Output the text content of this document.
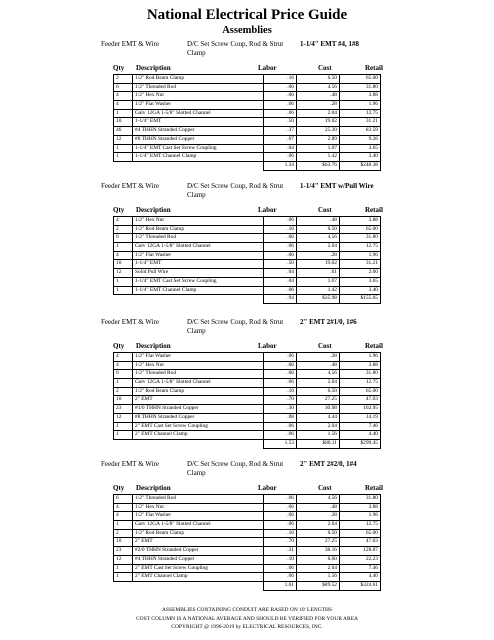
National Electrical Price Guide
Assemblies
Feeder EMT & Wire	D/C Set Screw Coup, Rod & Strut Clamp
1-1/4" EMT #4, 1#8
Qty Description	Labor	Cost	Retail
2	1/2" Rod Beam Clamp	.16	6.50	65.00
6	1/2" Threaded Rod	.06	4.56	31.80
4	1/2" Hex Nut	.06	.48	3.88
4	1/2" Flat Washer	.06	.28	1.96
1	Galv 12GA 1-5/8" Slotted Channel	.06	2.04	12.75
10	1-1/4" EMT	.50	19.02	31.21
46	#4 THHN Stranded Copper	.37	25.30	83.59
12	#8 THHN Stranded Copper	.07	2.89	9.26
1	1-1/4" EMT Cast Set Screw Coupling	.04	1.07	3.65
1	1-1/4" EMT Channel Clamp	.06	1.42	3.40
		1.34	$63.76	$248.38
Feeder EMT & Wire	D/C Set Screw Coup, Rod & Strut Clamp
1-1/4" EMT w/Pull Wire
Qty Description	Labor	Cost	Retail
4	1/2" Hex Nut	.06	.48	3.88
2	1/2" Rod Beam Clamp	.16	6.50	65.00
6	1/2" Threaded Rod	.06	4.56	31.80
1	Galv 12GA 1-5/8" Slotted Channel	.06	2.04	12.75
4	1/2" Flat Washer	.06	.28	1.96
10	1-1/4" EMT	.50	19.02	31.21
12	Solid Pull Wire	.04	.61	2.00
1	1-1/4" EMT Cast Set Screw Coupling	.04	1.07	3.65
1	1-1/4" EMT Channel Clamp	.06	1.42	3.40
		.94	$35.98	$155.65
Feeder EMT & Wire	D/C Set Screw Coup, Rod & Strut Clamp
2" EMT 2#1/0, 1#6
Qty Description	Labor	Cost	Retail
4	1/2" Flat Washer	.06	.28	1.96
4	1/2" Hex Nut	.06	.48	3.88
6	1/2" Threaded Rod	.06	4.56	31.80
1	Galv 12GA 1-5/8" Slotted Channel	.06	2.04	12.75
2	1/2" Rod Beam Clamp	.16	6.50	65.00
10	2" EMT	.70	27.25	47.03
23	#1/0 THHN Stranded Copper	.30	30.98	102.95
12	#8 THHN Stranded Copper	.08	4.44	14.19
1	2" EMT Cast Set Screw Coupling	.06	2.04	7.46
1	2" EMT Channel Clamp	.06	1.56	4.40
		1.53	$80.11	$299.45
Feeder EMT & Wire	D/C Set Screw Coup, Rod & Strut Clamp
2" EMT 2#2/0, 1#4
Qty Description	Labor	Cost	Retail
6	1/2" Threaded Rod	.06	4.56	31.80
4	1/2" Hex Nut	.06	.48	3.88
4	1/2" Flat Washer	.06	.28	1.96
1	Galv 12GA 1-5/8" Slotted Channel	.06	2.04	12.75
2	1/2" Rod Beam Clamp	.16	6.50	65.00
10	2" EMT	.70	27.25	47.03
23	#2/0 THHN Stranded Copper	.31	38.16	128.87
12	#4 THHN Stranded Copper	.10	6.60	22.23
1	2" EMT Cast Set Screw Coupling	.06	2.04	7.46
1	2" EMT Channel Clamp	.06	1.56	4.40
		1.61	$89.52	$324.61
ASSEMBLIES CONTAINING CONDUIT ARE BASED ON 10' LENGTHS
COST COLUMN IS A NATIONAL AVERAGE AND SHOULD BE VERIFIED FOR YOUR AREA
COPYRIGHT @ 1996-2019 by ELECTRICAL RESOURCES, INC.
